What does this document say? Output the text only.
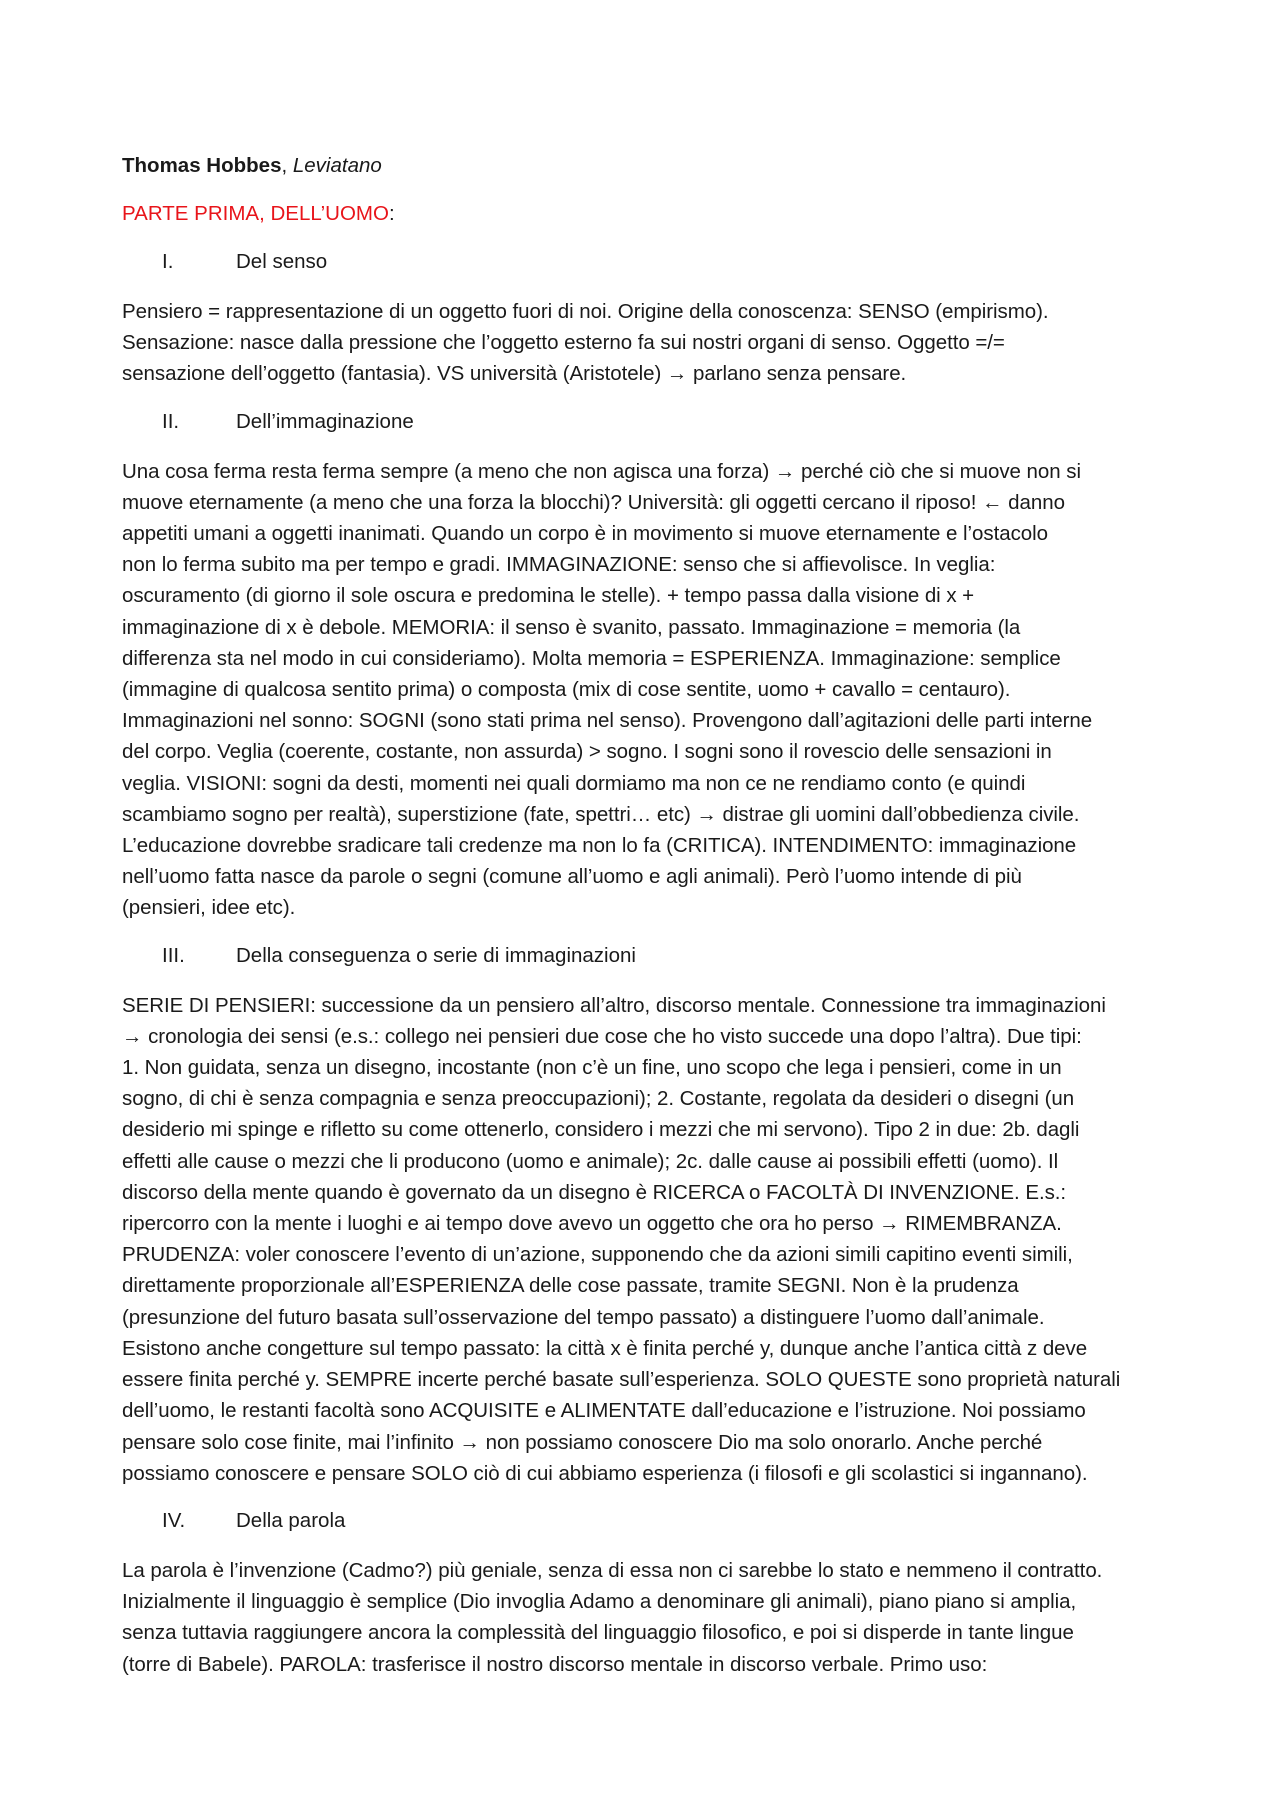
Thomas Hobbes, Leviatano
PARTE PRIMA, DELL’UOMO:
I.	Del senso
Pensiero = rappresentazione di un oggetto fuori di noi. Origine della conoscenza: SENSO (empirismo).
Sensazione: nasce dalla pressione che l’oggetto esterno fa sui nostri organi di senso. Oggetto =/=
sensazione dell’oggetto (fantasia). VS università (Aristotele) → parlano senza pensare.
II.	Dell’immaginazione
Una cosa ferma resta ferma sempre (a meno che non agisca una forza) → perché ciò che si muove non si
muove eternamente (a meno che una forza la blocchi)? Università: gli oggetti cercano il riposo! ← danno
appetiti umani a oggetti inanimati. Quando un corpo è in movimento si muove eternamente e l’ostacolo
non lo ferma subito ma per tempo e gradi. IMMAGINAZIONE: senso che si affievolisce. In veglia:
oscuramento (di giorno il sole oscura e predomina le stelle). + tempo passa dalla visione di x +
immaginazione di x è debole. MEMORIA: il senso è svanito, passato. Immaginazione = memoria (la
differenza sta nel modo in cui consideriamo). Molta memoria = ESPERIENZA. Immaginazione: semplice
(immagine di qualcosa sentito prima) o composta (mix di cose sentite, uomo + cavallo = centauro).
Immaginazioni nel sonno: SOGNI (sono stati prima nel senso). Provengono dall’agitazioni delle parti interne
del corpo. Veglia (coerente, costante, non assurda) > sogno. I sogni sono il rovescio delle sensazioni in
veglia. VISIONI: sogni da desti, momenti nei quali dormiamo ma non ce ne rendiamo conto (e quindi
scambiamo sogno per realtà), superstizione (fate, spettri… etc) → distrae gli uomini dall’obbedienza civile.
L’educazione dovrebbe sradicare tali credenze ma non lo fa (CRITICA). INTENDIMENTO: immaginazione
nell’uomo fatta nasce da parole o segni (comune all’uomo e agli animali). Però l’uomo intende di più
(pensieri, idee etc).
III.	Della conseguenza o serie di immaginazioni
SERIE DI PENSIERI: successione da un pensiero all’altro, discorso mentale. Connessione tra immaginazioni
→ cronologia dei sensi (e.s.: collego nei pensieri due cose che ho visto succede una dopo l’altra). Due tipi:
1. Non guidata, senza un disegno, incostante (non c’è un fine, uno scopo che lega i pensieri, come in un
sogno, di chi è senza compagnia e senza preoccupazioni); 2. Costante, regolata da desideri o disegni (un
desiderio mi spinge e rifletto su come ottenerlo, considero i mezzi che mi servono). Tipo 2 in due: 2b. dagli
effetti alle cause o mezzi che li producono (uomo e animale); 2c. dalle cause ai possibili effetti (uomo). Il
discorso della mente quando è governato da un disegno è RICERCA o FACOLTÀ DI INVENZIONE. E.s.:
ripercorro con la mente i luoghi e ai tempo dove avevo un oggetto che ora ho perso → RIMEMBRANZA.
PRUDENZA: voler conoscere l’evento di un’azione, supponendo che da azioni simili capitino eventi simili,
direttamente proporzionale all’ESPERIENZA delle cose passate, tramite SEGNI. Non è la prudenza
(presunzione del futuro basata sull’osservazione del tempo passato) a distinguere l’uomo dall’animale.
Esistono anche congetture sul tempo passato: la città x è finita perché y, dunque anche l’antica città z deve
essere finita perché y. SEMPRE incerte perché basate sull’esperienza. SOLO QUESTE sono proprietà naturali
dell’uomo, le restanti facoltà sono ACQUISITE e ALIMENTATE dall’educazione e l’istruzione. Noi possiamo
pensare solo cose finite, mai l’infinito → non possiamo conoscere Dio ma solo onorarlo. Anche perché
possiamo conoscere e pensare SOLO ciò di cui abbiamo esperienza (i filosofi e gli scolastici si ingannano).
IV.	Della parola
La parola è l’invenzione (Cadmo?) più geniale, senza di essa non ci sarebbe lo stato e nemmeno il contratto.
Inizialmente il linguaggio è semplice (Dio invoglia Adamo a denominare gli animali), piano piano si amplia,
senza tuttavia raggiungere ancora la complessità del linguaggio filosofico, e poi si disperde in tante lingue
(torre di Babele). PAROLA: trasferisce il nostro discorso mentale in discorso verbale. Primo uso:
